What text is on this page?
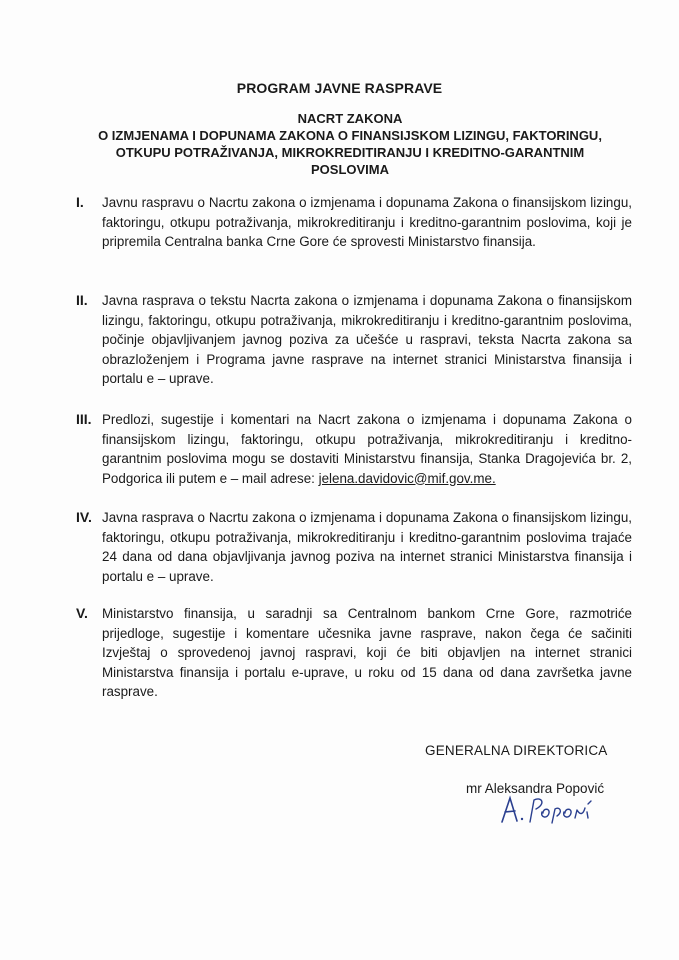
PROGRAM JAVNE RASPRAVE
NACRT ZAKONA
O IZMJENAMA I DOPUNAMA ZAKONA O FINANSIJSKOM LIZINGU, FAKTORINGU,
OTKUPU POTRAŽIVANJA, MIKROKREDITIRANJU I KREDITNO-GARANTNIM
POSLOVIMA
I. Javnu raspravu o Nacrtu zakona o izmjenama i dopunama Zakona o finansijskom lizingu, faktoringu, otkupu potraživanja, mikrokreditiranju i kreditno-garantnim poslovima, koji je pripremila Centralna banka Crne Gore će sprovesti Ministarstvo finansija.
II. Javna rasprava o tekstu Nacrta zakona o izmjenama i dopunama Zakona o finansijskom lizingu, faktoringu, otkupu potraživanja, mikrokreditiranju i kreditno-garantnim poslovima, počinje objavljivanjem javnog poziva za učešće u raspravi, teksta Nacrta zakona sa obrazloženjem i Programa javne rasprave na internet stranici Ministarstva finansija i portalu e – uprave.
III. Predlozi, sugestije i komentari na Nacrt zakona o izmjenama i dopunama Zakona o finansijskom lizingu, faktoringu, otkupu potraživanja, mikrokreditiranju i kreditno-garantnim poslovima mogu se dostaviti Ministarstvu finansija, Stanka Dragojevića br. 2, Podgorica ili putem e – mail adrese: jelena.davidovic@mif.gov.me.
IV. Javna rasprava o Nacrtu zakona o izmjenama i dopunama Zakona o finansijskom lizingu, faktoringu, otkupu potraživanja, mikrokreditiranju i kreditno-garantnim poslovima trajaće 24 dana od dana objavljivanja javnog poziva na internet stranici Ministarstva finansija i portalu e – uprave.
V. Ministarstvo finansija, u saradnji sa Centralnom bankom Crne Gore, razmotriće prijedloge, sugestije i komentare učesnika javne rasprave, nakon čega će sačiniti Izvještaj o sprovedenoj javnoj raspravi, koji će biti objavljen na internet stranici Ministarstva finansija i portalu e-uprave, u roku od 15 dana od dana završetka javne rasprave.
GENERALNA DIREKTORICA
mr Aleksandra Popović
